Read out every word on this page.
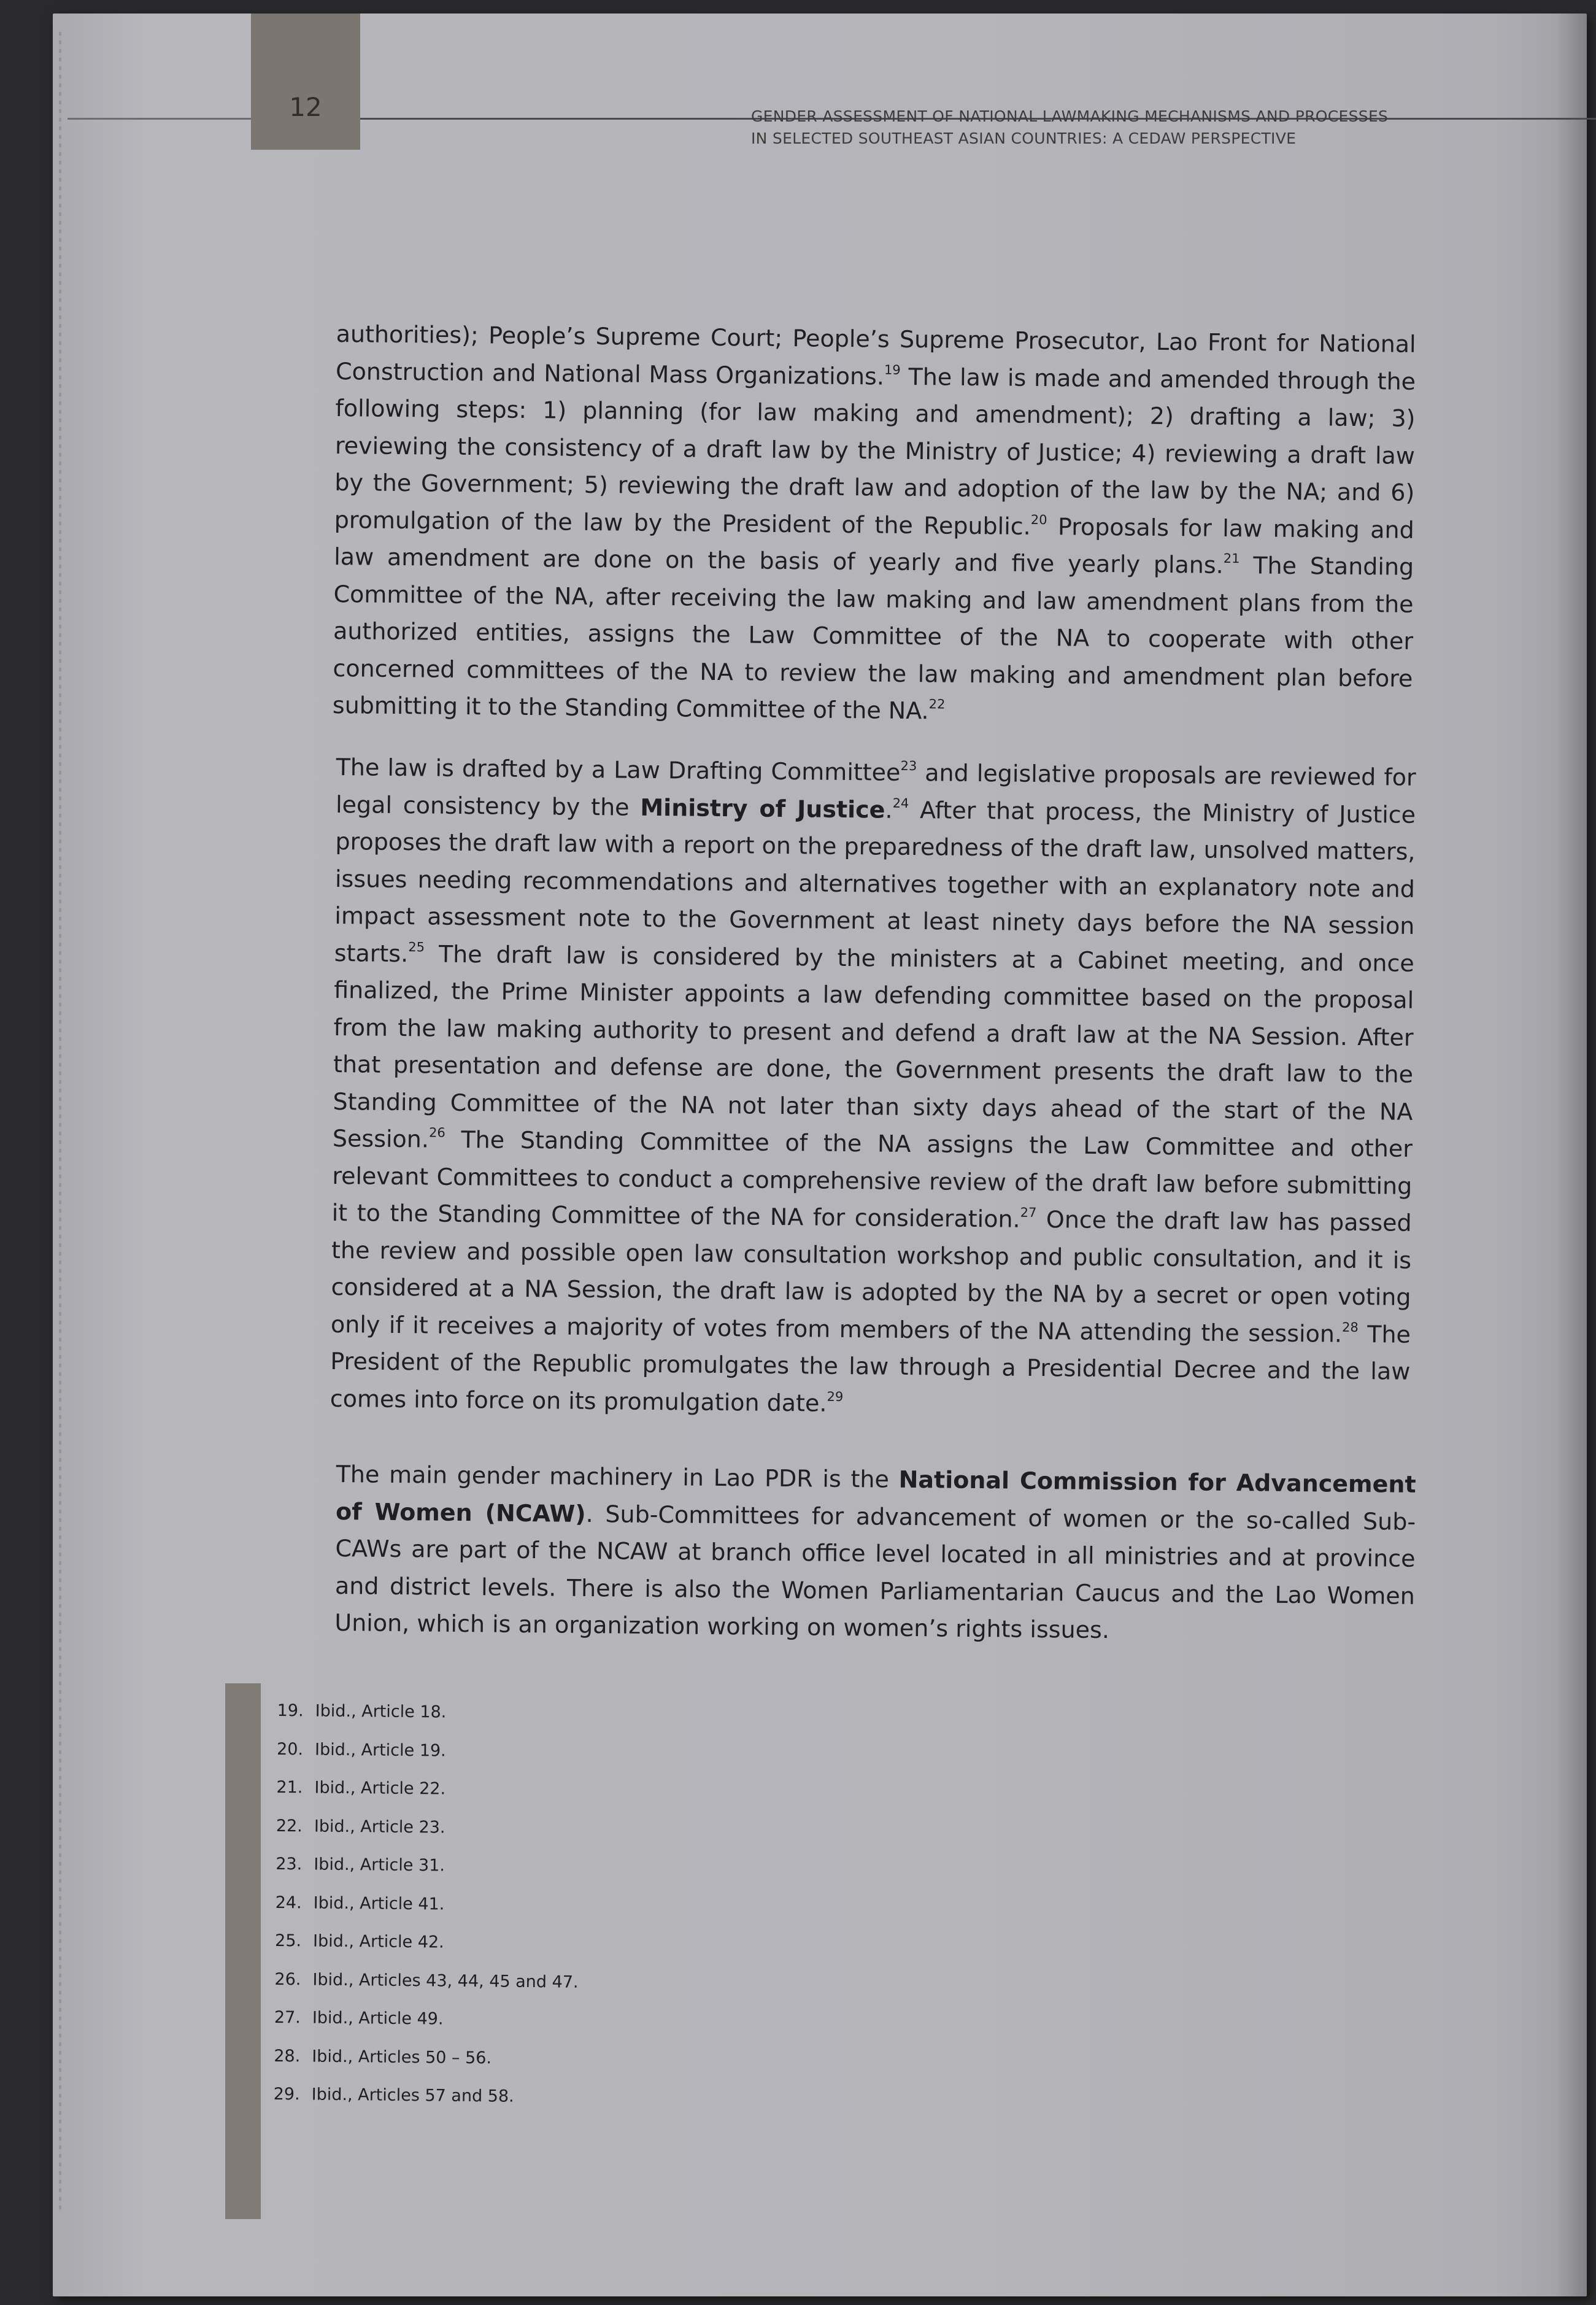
12	GENDER ASSESSMENT OF NATIONAL LAWMAKING MECHANISMS AND PROCESSES
IN SELECTED SOUTHEAST ASIAN COUNTRIES: A CEDAW PERSPECTIVE

authorities); People’s Supreme Court; People’s Supreme Prosecutor, Lao Front for National Construction and National Mass Organizations.$^{19}$ The law is made and amended through the following steps: 1) planning (for law making and amendment); 2) drafting a law; 3) reviewing the consistency of a draft law by the Ministry of Justice; 4) reviewing a draft law by the Government; 5) reviewing the draft law and adoption of the law by the NA; and 6) promulgation of the law by the President of the Republic.$^{20}$ Proposals for law making and law amendment are done on the basis of yearly and five yearly plans.$^{21}$ The Standing Committee of the NA, after receiving the law making and law amendment plans from the authorized entities, assigns the Law Committee of the NA to cooperate with other concerned committees of the NA to review the law making and amendment plan before submitting it to the Standing Committee of the NA.$^{22}$

The law is drafted by a Law Drafting Committee$^{23}$ and legislative proposals are reviewed for legal consistency by the Ministry of Justice.$^{24}$ After that process, the Ministry of Justice proposes the draft law with a report on the preparedness of the draft law, unsolved matters, issues needing recommendations and alternatives together with an explanatory note and impact assessment note to the Government at least ninety days before the NA session starts.$^{25}$ The draft law is considered by the ministers at a Cabinet meeting, and once finalized, the Prime Minister appoints a law defending committee based on the proposal from the law making authority to present and defend a draft law at the NA Session. After that presentation and defense are done, the Government presents the draft law to the Standing Committee of the NA not later than sixty days ahead of the start of the NA Session.$^{26}$ The Standing Committee of the NA assigns the Law Committee and other relevant Committees to conduct a comprehensive review of the draft law before submitting it to the Standing Committee of the NA for consideration.$^{27}$ Once the draft law has passed the review and possible open law consultation workshop and public consultation, and it is considered at a NA Session, the draft law is adopted by the NA by a secret or open voting only if it receives a majority of votes from members of the NA attending the session.$^{28}$ The President of the Republic promulgates the law through a Presidential Decree and the law comes into force on its promulgation date.$^{29}$

The main gender machinery in Lao PDR is the National Commission for Advancement of Women (NCAW). Sub-Committees for advancement of women or the so-called Sub-CAWs are part of the NCAW at branch office level located in all ministries and at province and district levels. There is also the Women Parliamentarian Caucus and the Lao Women Union, which is an organization working on women’s rights issues.

19. Ibid., Article 18.
20. Ibid., Article 19.
21. Ibid., Article 22.
22. Ibid., Article 23.
23. Ibid., Article 31.
24. Ibid., Article 41.
25. Ibid., Article 42.
26. Ibid., Articles 43, 44, 45 and 47.
27. Ibid., Article 49.
28. Ibid., Articles 50 – 56.
29. Ibid., Articles 57 and 58.
